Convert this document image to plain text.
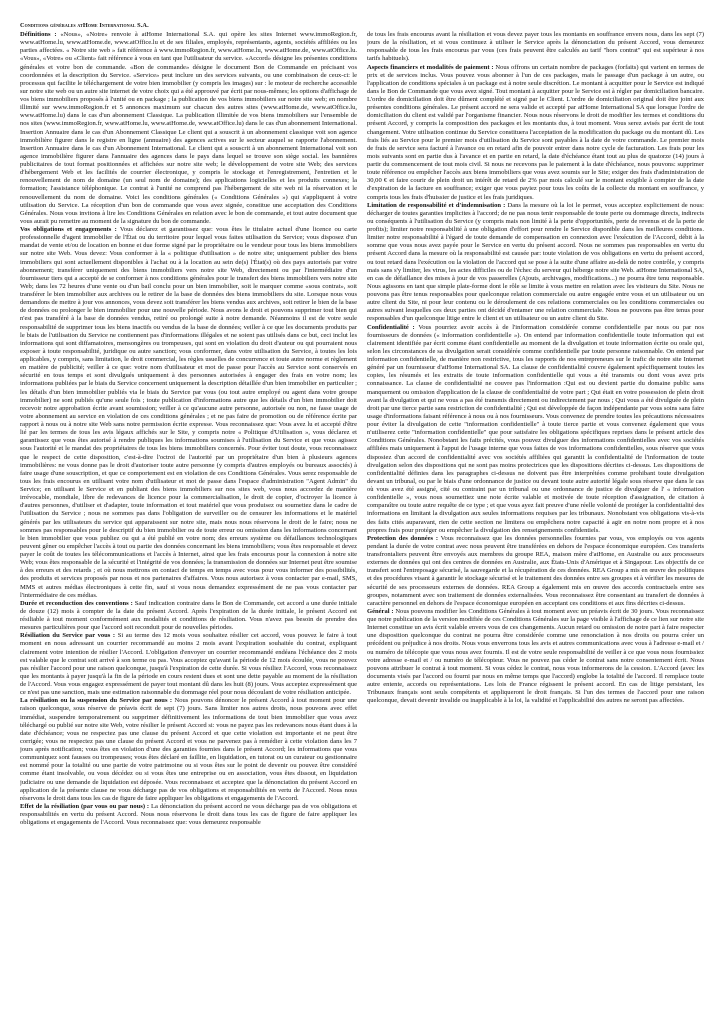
Conditions générales atHome International S.A.

Définitions : «Nous», «Notre» renvoie à atHome International S.A. qui opère les sites Internet www.immoRegion.fr, www.atHome.lu, www.atHome.de, www.atOffice.lu et de ses filiales, employés, représentants, agents, sociétés affiliées ou les parties affectées. « Notre site web » fait référence à www.immoRegion.fr, www.atHome.lu, www.atHome.de, www.atOffice.lu. «Vous», «Votre» ou «Client» fait référence à vous en tant que l'utilisateur du service. «Accord» désigne les présentes conditions générales et votre bon de commande. «Bon de commande» désigne le document Bon de Commande en précisant vos coordonnées et la description du Service. «Service» peut inclure un des services suivants, ou une combinaison de ceux-ci: le processus qui facilite le téléchargement de votre bien immobilier (y compris les images) sur : le moteur de recherche accessible sur notre site web ou un autre site internet de votre choix qui a été approuvé par écrit par nous-mêmes; les options d'affichage de vos biens immobiliers proposés à l'unité ou en package ; la publication de vos biens immobiliers sur notre site web; en nombre illimité sur www.immoRegion.fr et 5 annonces maximum sur chacun des autres sites (www.atHome.de, www.atOffice.lu, www.atHome.lu) dans le cas d'un abonnement Classique. La publication illimitée de vos biens immobiliers sur l'ensemble de nos sites (www.immoRegion.fr, www.atHome.lu, www.atHome.de, www.atOffice.lu) dans le cas d'un abonnement International. Insertion Annuaire dans le cas d'un Abonnement Classique Le client qui a souscrit à un abonnement classique voit son agence immobilière figurer dans le registre en ligne (annuaire) des agences actives sur le secteur auquel se rapporte l'abonnement. Insertion Annuaire dans le cas d'un Abonnement International. Le client qui a souscrit à un abonnement International voit son agence immobilière figurer dans l'annuaire des agences dans le pays dans lequel se trouve son siège social. les bannières publicitaires de tout format positionnées et affichées sur notre site web; le développement de votre site Web; des services d'hébergement Web et les facilités de courrier électronique, y compris le stockage et l'enregistrement, l'entretien et le renouvellement de nom de domaine (un seul nom de domaine); des applications logicielles et les produits connexes; la formation; l'assistance téléphonique. Le contrat à l'unité ne comprend pas l'hébergement de site web ni la réservation et le renouvellement du nom de domaine. Voici les conditions générales (« Conditions Générales ») qui s'appliquent à votre utilisation du Service. La réception d'un bon de commande que vous avez signée, constitue une acceptation des Conditions Générales. Nous vous invitons à lire les Conditions Générales en relation avec le bon de commande, et tout autre document que vous aurait pu remettre au moment de la signature du bon de commande.

Vos obligations et engagements : Vous déclarez et garantissez que: vous êtes le titulaire actuel d'une licence ou carte professionnelle d'agent immobilier de l'État ou du territoire pour lequel vous faites utilisation du Service; vous disposez d'un mandat de vente et/ou de location en bonne et due forme signé par le propriétaire ou le vendeur pour tous les biens immobiliers sur notre site Web. Vous devez: Vous conformer à la « politique d'utilisation » de notre site; uniquement publier des biens immobiliers qui sont actuellement disponibles à l'achat ou à la location au sein de(s) l'État(s) où des pays autorisés par votre abonnement; transférer uniquement des biens immobiliers vers notre site Web, directement ou par l'intermédiaire d'un fournisseur tiers qui a accepté de se conformer à nos conditions générales pour le transfert des biens immobiliers vers notre site Web; dans les 72 heures d'une vente ou d'un bail conclu pour un bien immobilier, soit le marquer comme «sous contrat», soit transférer le bien immobilier aux archives ou le retirer de la base de données des biens immobiliers du site. Lorsque nous vous demandons de mettre à jour vos annonces, vous devez soit transférer les biens vendus aux archives, soit retirer le bien de la base de données ou prolonger le bien immobilier pour une nouvelle période. Nous avons le droit et pouvons supprimer tout bien qui n'est pas transféré à la base de données vendus, retiré ou prolongé suite à notre demande. Néanmoins il est de votre seule responsabilité de supprimer tous les biens inactifs ou vendus de la base de données; veiller à ce que les documents produits par le biais de l'utilisation du Service ne contiennent pas d'informations illégales et ne soient pas utilisés dans ce but, ceci inclut les informations qui sont diffamatoires, mensongères ou trompeuses, qui sont en violation du droit d'auteur ou qui pourraient nous exposer à toute responsabilité, juridique ou autre sanction; vous conformer, dans votre utilisation du Service, à toutes les lois applicables, y compris, sans limitation, le droit commercial, les règles usuelles de concurrence et toute autre norme et règlement en matière de publicité; veiller à ce que: votre nom d'utilisateur et mot de passe pour l'accès au Service sont conservés en sécurité en tous temps et sont divulgués uniquement à des personnes autorisées à engager des frais en votre nom; les informations publiées par le biais du Service concernent uniquement la description détaillée d'un bien immobilier en particulier ; les détails d'un bien immobilier publiés via le biais du Service par vous (ou tout autre employé ou agent dans votre groupe immobilier) ne sont publiés qu'une seule fois ; toute publication d'informations autre que les détails d'un bien immobilier doit recevoir notre approbation écrite avant soumission; veiller à ce qu'aucune autre personne, autorisée ou non, ne fasse usage de votre abonnement au service en violation de ces conditions générales ; et ne pas faire de promotion ou de référence écrite par rapport à nous ou à notre site Web sans notre permission écrite expresse. Vous reconnaissez que: Vous avez lu et accepté d'être lié par les termes de tous les avis légaux affichés sur le Site, y compris notre « Politique d'Utilisation », vous déclarez et garantissez que vous êtes autorisé à rendre publiques les informations soumises à l'utilisation du Service et que vous agissez sous l'autorité et le mandat des propriétaires de tous les biens immobiliers concernés. Pour éviter tout doute, vous reconnaissez que le respect de cette disposition, c'est-à-dire l'octroi de l'autorité par un propriétaire d'un bien à plusieurs agences immobilières: ne vous donne pas le droit d'autoriser toute autre personne (y compris d'autres employés ou bureaux associés) à faire usage d'une souscription, et que ce comportement est en violation de ces Conditions Générales. Vous serez responsable de tous les frais encourus en utilisant votre nom d'utilisateur et mot de passe dans l'espace d'administration "Agent Admin" du Service; en utilisant le Service et en publiant des biens immobiliers sur nos sites web, vous nous accordez de manière irrévocable, mondiale, libre de redevances de licence pour la commercialisation, le droit de copier, d'octroyer la licence à d'autres personnes, d'utiliser et d'adapter, toute information et tout matériel que vous produisez ou soumettez dans le cadre de l'utilisation du Service ; nous ne sommes pas dans l'obligation de surveiller ou de censurer les informations et le matériel générés par les utilisateurs du service qui apparaissent sur notre site, mais nous nous réservons le droit de le faire; nous ne sommes pas responsables pour le descriptif du bien immobilier ou de toute erreur ou omission dans les informations concernant le bien immobilier que vous publiez ou qui a été publié en votre nom; des erreurs système ou défaillances technologiques peuvent gêner ou empêcher l'accès à tout ou partie des données concernant les biens immobiliers; vous êtes responsable et devez payer le coût de toutes les télécommunications et l'accès à Internet, ainsi que les frais encourus pour la connexion à notre site Web; vous êtes responsable de la sécurité et l'intégrité de vos données; la transmission de données sur Internet peut être soumise à des erreurs et des retards ; et où nous mettrons en contact de temps en temps avec vous pour vous informer des possibilités, des produits et services proposés par nous et nos partenaires d'affaires. Vous nous autorisez à vous contacter par e-mail, SMS, MMS et autres médias électroniques à cette fin, sauf si vous nous demandez expressément de ne pas vous contacter par l'intermédiaire de ces médias.

Durée et reconduction des conventions : Sauf indication contraire dans le Bon de Commande, cet accord a une durée initiale de douze (12) mois à compter de la date du présent Accord. Après l'expiration de la durée initiale, le présent Accord est résiliable à tout moment conformément aux modalités et conditions de résiliation. Vous n'avez pas besoin de prendre des mesures particulières pour que l'accord soit reconduit pour de nouvelles périodes.

Résiliation du Service par vous : Si au terme des 12 mois vous souhaitez résilier cet accord, vous pouvez le faire à tout moment en nous adressant un courrier recommandé au moins 2 mois avant l'expiration souhaitée du contrat, expliquant clairement votre intention de résilier l'Accord. L'obligation d'envoyer un courrier recommandé endéans l'échéance des 2 mois est valable que le contrat soit arrivé à son terme ou pas. Vous acceptez qu'avant la période de 12 mois écoulée, vous ne pouvez pas résilier l'accord pour une raison quelconque, jusqu'à l'expiration de cette durée. Si vous résiliez l'Accord, vous reconnaissez que les montants à payer jusqu'à la fin de la période en cours restent dues et sont une dette payable au moment de la résiliation de l'Accord. Vous vous engagez expressément de payer tout montant dû dans les huit (8) jours. Vous acceptez expressément que ce n'est pas une sanction, mais une estimation raisonnable du dommage réel pour nous découlant de votre résiliation anticipée.

La résiliation ou la suspension du Service par nous : Nous pouvons dénoncer le présent Accord à tout moment pour une raison quelconque, sous réserve de préavis écrit de sept (7) jours. Sans limiter nos autres droits, nous pouvons avec effet immédiat, suspendre temporairement ou supprimer définitivement les informations de tout bien immobilier que vous avez téléchargé ou publié sur notre site Web, votre résilier le présent Accord si: vous ne payez pas les redevances nous étant dues à la date d'échéance; vous ne respectez pas une clause du présent Accord et que cette violation est importante et ne peut être corrigée; vous ne respectez pas une clause du présent Accord et vous ne parvenez pas à remédier à cette violation dans les 7 jours après notification; vous êtes en violation d'une des garanties fournies dans le présent Accord; les informations que vous communiquez sont fausses ou trompeuses; vous êtes déclaré en faillite, en liquidation, en tutorat ou un curateur ou gestionnaire est nommé pour la totalité ou une partie de votre patrimoine ou si vous êtes sur le point de devenir ou pouvez être considéré comme étant insolvable, ou vous décédez ou si vous êtes une entreprise ou en association, vous êtes dissout, en liquidation judiciaire ou une demande de liquidation est déposée. Vous reconnaissez et acceptez que la dénonciation du présent Accord en application de la présente clause ne vous décharge pas de vos obligations et responsabilités en vertu de l'Accord. Nous nous réservons le droit dans tous les cas de figure de faire appliquer les obligations et engagements de l'Accord.

Effet de la résiliation (par vous ou par nous) : La dénonciation du présent accord ne vous décharge pas de vos obligations et responsabilités en vertu du présent Accord. Nous nous réservons le droit dans tous les cas de figure de faire appliquer les obligations et engagements de l'Accord. Vous reconnaissez que: vous demeurez responsable

de tous les frais encourus avant la résiliation et vous devez payer tous les montants en souffrance envers nous, dans les sept (7) jours de la résiliation, et si vous continuez à utiliser le Service après la dénonciation du présent Accord, vous demeurez responsable de tous les frais encourus par vous (ces frais peuvent être calculés au tarif "hors contrat" qui est supérieur à nos tarifs habituels).

Aspects financiers et modalités de paiement : Nous offrons un certain nombre de packages (forfaits) qui varient en termes de prix et de services inclus. Vous pouvez vous abonner à l'un de ces packages, mais le passage d'un package à un autre, ou l'application de conditions spéciales à un package est à notre seule discrétion. Le montant à acquitter pour le Service est indiqué dans le Bon de Commande que vous avez signé. Tout montant à acquitter pour le Service est à régler par domiciliation bancaire. L'ordre de domiciliation doit être dûment complété et signé par le Client. L'ordre de domiciliation original doit être joint aux présentes conditions générales. Le présent accord ne sera valide et accepté par atHome International SA que lorsque l'ordre de domiciliation du client est validé par l'organisme financier. Nous nous réservons le droit de modifier les termes et conditions du présent Accord, y compris la composition des packages et les montants dus, à tout moment. Vous serez avisés par écrit de tout changement. Votre utilisation continue du Service constituera l'acceptation de la modification du package ou du montant dû. Les frais liés au Service pour le premier mois d'utilisation du Service sont payables à la date de votre commande. Le premier mois de frais de service sera facturé à l'avance ou en retard afin de pouvoir entrer dans notre cycle de facturation. Les frais pour les mois suivants sont en partie dus à l'avance et en partie en retard, la date d'échéance étant tout au plus de quatorze (14) jours à partir du commencement de tout mois civil. Si nous ne recevons pas le paiement à la date d'échéance, nous pouvons: supprimer toute référence ou empêcher l'accès aux biens immobiliers que vous avez soumis sur le Site; exiger des frais d'administration de 30,00 € et faire courir de plein droit un intérêt de retard de 2% par mois calculé sur le montant exigible à compter de la date d'expiration de la facture en souffrance; exiger que vous payiez pour tous les coûts de la collecte du montant en souffrance, y compris tous les frais d'huissier de justice et les frais juridiques.

Limitation de responsabilité et d'indemnisation : Dans la mesure où la loi le permet, vous acceptez explicitement de nous: décharger de toutes garanties implicites à l'accord; de ne pas nous tenir responsable de toute perte ou dommage directs, indirects ou conséquents à l'utilisation du Service (y compris mais non limité à la perte d'opportunités, perte de revenus et de la perte de profits); limiter notre responsabilité à une obligation d'effort pour rendre le Service disponible dans les meilleures conditions. limiter notre responsabilité à l'égard de toute demande de compensation en connexion avec l'exécution de l'Accord, débit à la somme que vous nous avez payée pour le Service en vertu du présent accord. Nous ne sommes pas responsables en vertu du présent Accord dans la mesure où la responsabilité est causée par: toute violation de vos obligations en vertu du présent accord, ou tout retard dans l'exécution ou la violation de l'accord qui se pose à la suite d'une affaire au-delà de notre contrôle, y compris mais sans s'y limiter, les virus, les actes difficiles ou de l'échec du serveur qui héberge notre site Web. atHome International SA, en cas de défaillance des mises à jour de vos passerelles (Ajouts, archivages, modifications...) ne pourra être tenu responsable. Nous agissons en tant que simple plate-forme dont le rôle se limite à vous mettre en relation avec les visiteurs du Site. Nous ne pouvons pas être tenus responsables pour quelconque relation commerciale ou autre engagée entre vous et un utilisateur ou un autre client du Site, ni pour leur contenu ou le déroulement de ces relations commerciales ou les conditions commerciales ou autres suivant lesquelles ces deux parties ont décidé d'entamer une relation commerciale. Nous ne pouvons pas être tenus pour responsables d'un quelconque litige entre le client et un utilisateur ou un autre client du Site.

Confidentialité : Vous pourriez avoir accès à de l'information considérée comme confidentielle par nous ou par nos fournisseurs de données (« information confidentielle »). On entend par information confidentielle toute information qui est clairement identifiée par écrit comme étant confidentielle au moment de la divulgation et toute information écrite ou orale qui, selon les circonstances de sa divulgation serait considérée comme confidentielle par toute personne raisonnable. On entend par information confidentielle, de manière non restrictive, tous les rapports de nos entrepreneurs sur le trafic de notre site Internet généré par un fournisseur d'atHome International SA. La clause de confidentialité couvre également spécifiquement toutes les copies, les résumés et les extraits de toute information confidentielle qui vous a été transmis ou dont vous avez pris connaissance. La clause de confidentialité ne couvre pas l'information :Qui est ou devient partie du domaine public sans manquement ou omission d'application de la clause de confidentialité de votre part ; Qui était en votre possession de plein droit avant la divulgation et qui ne vous a pas été transmis directement ou indirectement par nous ; Qui vous a été divulguée de plein droit par une tierce partie sans restriction de confidentialité ; Qui est développée de façon indépendante par vous soins sans faire usage d'informations faisant référence à nous ou à nos fournisseurs. Vous convenez de prendre toutes les précautions nécessaires pour éviter la divulgation de cette "information confidentielle" à toute tierce partie et vous convenez également que vous n'utiliserez cette "information confidentielle" que pour satisfaire les obligations spécifiques reprises dans le présent article des Conditions Générales. Nonobstant les faits précités, vous pouvez divulguer des informations confidentielles avec vos sociétés affiliées mais uniquement à l'appui de l'usage interne que vous faites de vos informations confidentielles, sous réserve que vous disposiez d'un accord de confidentialité avec vos sociétés affiliées qui garantit la confidentialité de l'information de toute divulgation selon des dispositions qui ne sont pas moins protectrices que les dispositions décrites ci-dessus. Les dispositions de confidentialité définies dans les paragraphes ci-dessus ne doivent pas être interprétées comme prohibant toute divulgation devant un tribunal, ou par le biais d'une ordonnance de justice ou devant toute autre autorité légale sous réserve que dans le cas où vous avez été assigné, cité ou contraint par un tribunal ou une ordonnance de justice de divulguer de l' « information confidentielle », vous nous soumettiez une note écrite valable et motivée de toute réception d'assignation, de citation à comparaître ou toute autre requête de ce type ; et que vous ayez fait preuve d'une réelle volonté de protéger la confidentialité des informations en limitant la divulgation aux seules informations requises par les tribunaux. Nonobstant vos obligations vis-à-vis des faits cités auparavant, rien de cette section ne limitera ou empêchera notre capacité à agir en notre nom propre et à nos propres frais pour protéger ou empêcher la divulgation des renseignements confidentiels.

Protection des données : Vous reconnaissez que les données personnelles fournies par vous, vos employés ou vos agents pendant la durée de votre contrat avec nous peuvent être transférées en dehors de l'espace économique européen. Ces transferts transfrontaliers peuvent être envoyés aux membres du groupe REA, maison mère d'atHome, en Australie ou aux processeurs externes de données qui ont des centres de données en Australie, aux États-Unis d'Amérique et à Singapour. Les objectifs de ce transfert sont l'entreposage sécurisé, la sauvegarde et la récupération de ces données. REA Group a mis en œuvre des politiques et des procédures visant à garantir le stockage sécurisé et le traitement des données entre ses groupes et à vérifier les mesures de sécurité de ses processeurs externes de données. REA Group a également mis en œuvre des accords contractuels entre ses groupes, notamment avec son traitement de données externalisées. Vous reconnaissez être consentant au transfert de données à caractère personnel en dehors de l'espace économique européen en acceptant ces conditions et aux fins décrites ci-dessus.

Général : Nous pouvons modifier les Conditions Générales à tout moment avec un préavis écrit de 30 jours. Vous reconnaissez que notre publication de la version modifiée de ces Conditions Générales sur la page visible à l'affichage de ce lien sur notre site Internet constitue un avis écrit valable envers vous de ces changements. Aucun retard ou omission de notre part à faire respecter une disposition quelconque du contrat ne pourra être considérée comme une renonciation à nos droits ou pourra créer un précédent ou préjudice à nos droits. Nous vous enverrons tous les avis et autres communications avec vous à l'adresse e-mail et / ou numéro de télécopie que vous nous avez fournis. Il est de votre seule responsabilité de veiller à ce que vous nous fournissiez votre adresse e-mail et / ou numéro de télécopieur. Vous ne pouvez pas céder le contrat sans notre consentement écrit. Nous pouvons attribuer le contrat à tout moment. Si vous cédez le contrat, nous vous informerons de la cession. L'Accord (avec les documents visés par l'accord ou fourni par nous en même temps que l'accord) englobe la totalité de l'accord. Il remplace toute autre entente, accords ou représentations. Les lois de France régissent le présent accord. En cas de litige persistant, les Tribunaux français sont seuls compétents et appliqueront le droit français. Si l'un des termes de l'accord pour une raison quelconque, devait devenir invalide ou inapplicable à la loi, la validité et l'applicabilité des autres ne seront pas affectées.
